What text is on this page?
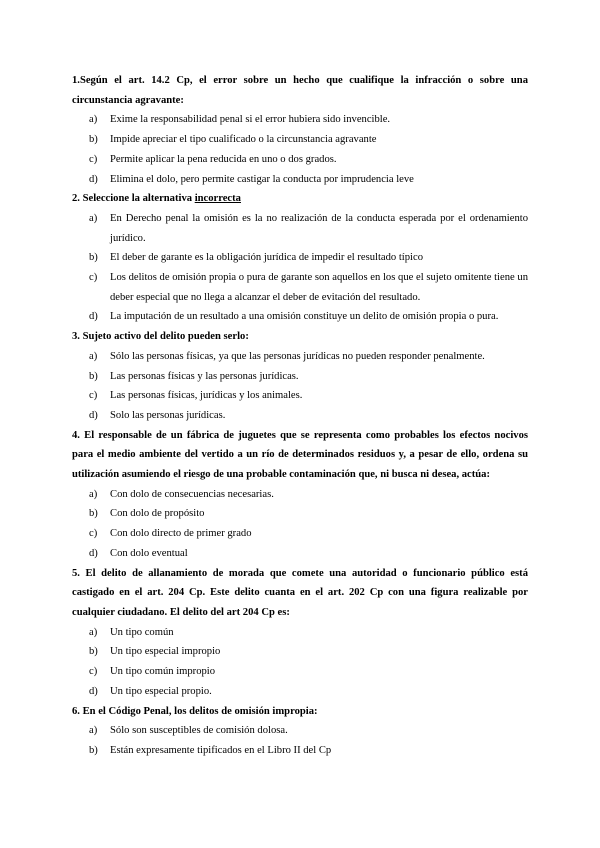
1.Según el art. 14.2 Cp, el error sobre un hecho que cualifique la infracción o sobre una circunstancia agravante:
a) Exime la responsabilidad penal si el error hubiera sido invencible.
b) Impide apreciar el tipo cualificado o la circunstancia agravante
c) Permite aplicar la pena reducida en uno o dos grados.
d) Elimina el dolo, pero permite castigar la conducta por imprudencia leve
2. Seleccione la alternativa incorrecta
a) En Derecho penal la omisión es la no realización de la conducta esperada por el ordenamiento jurídico.
b) El deber de garante es la obligación jurídica de impedir el resultado típico
c) Los delitos de omisión propia o pura de garante son aquellos en los que el sujeto omitente tiene un deber especial que no llega a alcanzar el deber de evitación del resultado.
d) La imputación de un resultado a una omisión constituye un delito de omisión propia o pura.
3. Sujeto activo del delito pueden serlo:
a) Sólo las personas físicas, ya que las personas jurídicas no pueden responder penalmente.
b) Las personas físicas y las personas jurídicas.
c) Las personas físicas, jurídicas y los animales.
d) Solo las personas jurídicas.
4. El responsable de un fábrica de juguetes que se representa como probables los efectos nocivos para el medio ambiente del vertido a un río de determinados residuos y, a pesar de ello, ordena su utilización asumiendo el riesgo de una probable contaminación que, ni busca ni desea, actúa:
a) Con dolo de consecuencias necesarias.
b) Con dolo de propósito
c) Con dolo directo de primer grado
d) Con dolo eventual
5. El delito de allanamiento de morada que comete una autoridad o funcionario público está castigado en el art. 204 Cp. Este delito cuanta en el art. 202 Cp con una figura realizable por cualquier ciudadano. El delito del art 204 Cp es:
a) Un tipo común
b) Un tipo especial impropio
c) Un tipo común impropio
d) Un tipo especial propio.
6. En el Código Penal, los delitos de omisión impropia:
a) Sólo son susceptibles de comisión dolosa.
b) Están expresamente tipificados en el Libro II del Cp
